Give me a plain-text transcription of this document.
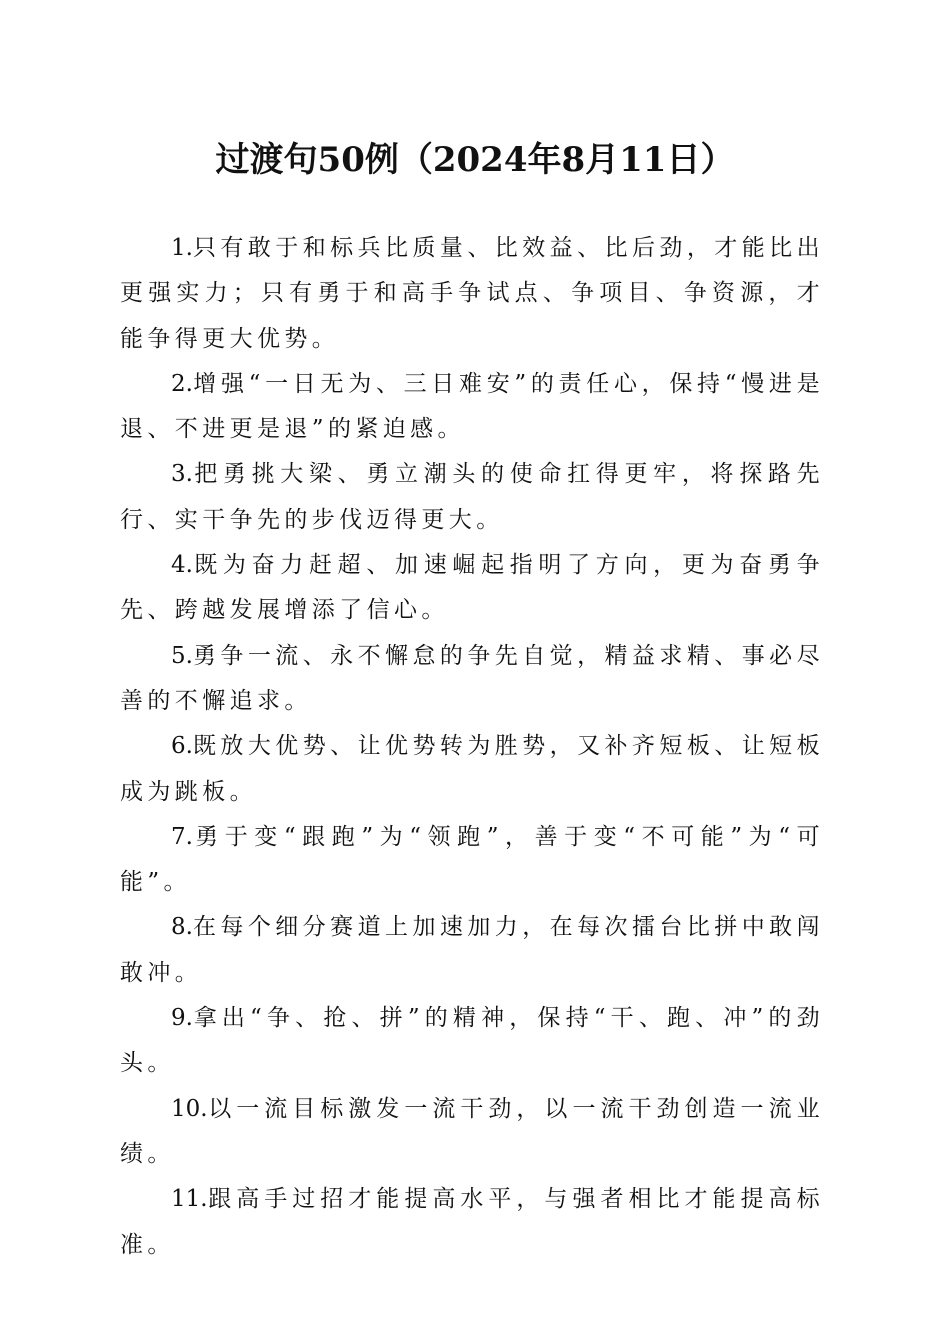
过渡句50例（2024年8月11日）

1.只有敢于和标兵比质量、比效益、比后劲，才能比出更强实力；只有勇于和高手争试点、争项目、争资源，才能争得更大优势。

2.增强“一日无为、三日难安”的责任心，保持“慢进是退、不进更是退”的紧迫感。

3.把勇挑大梁、勇立潮头的使命扛得更牢，将探路先行、实干争先的步伐迈得更大。

4.既为奋力赶超、加速崛起指明了方向，更为奋勇争先、跨越发展增添了信心。

5.勇争一流、永不懈怠的争先自觉，精益求精、事必尽善的不懈追求。

6.既放大优势、让优势转为胜势，又补齐短板、让短板成为跳板。

7.勇于变“跟跑”为“领跑”，善于变“不可能”为“可能”。

8.在每个细分赛道上加速加力，在每次擂台比拼中敢闯敢冲。

9.拿出“争、抢、拼”的精神，保持“干、跑、冲”的劲头。

10.以一流目标激发一流干劲，以一流干劲创造一流业绩。

11.跟高手过招才能提高水平，与强者相比才能提高标准。
